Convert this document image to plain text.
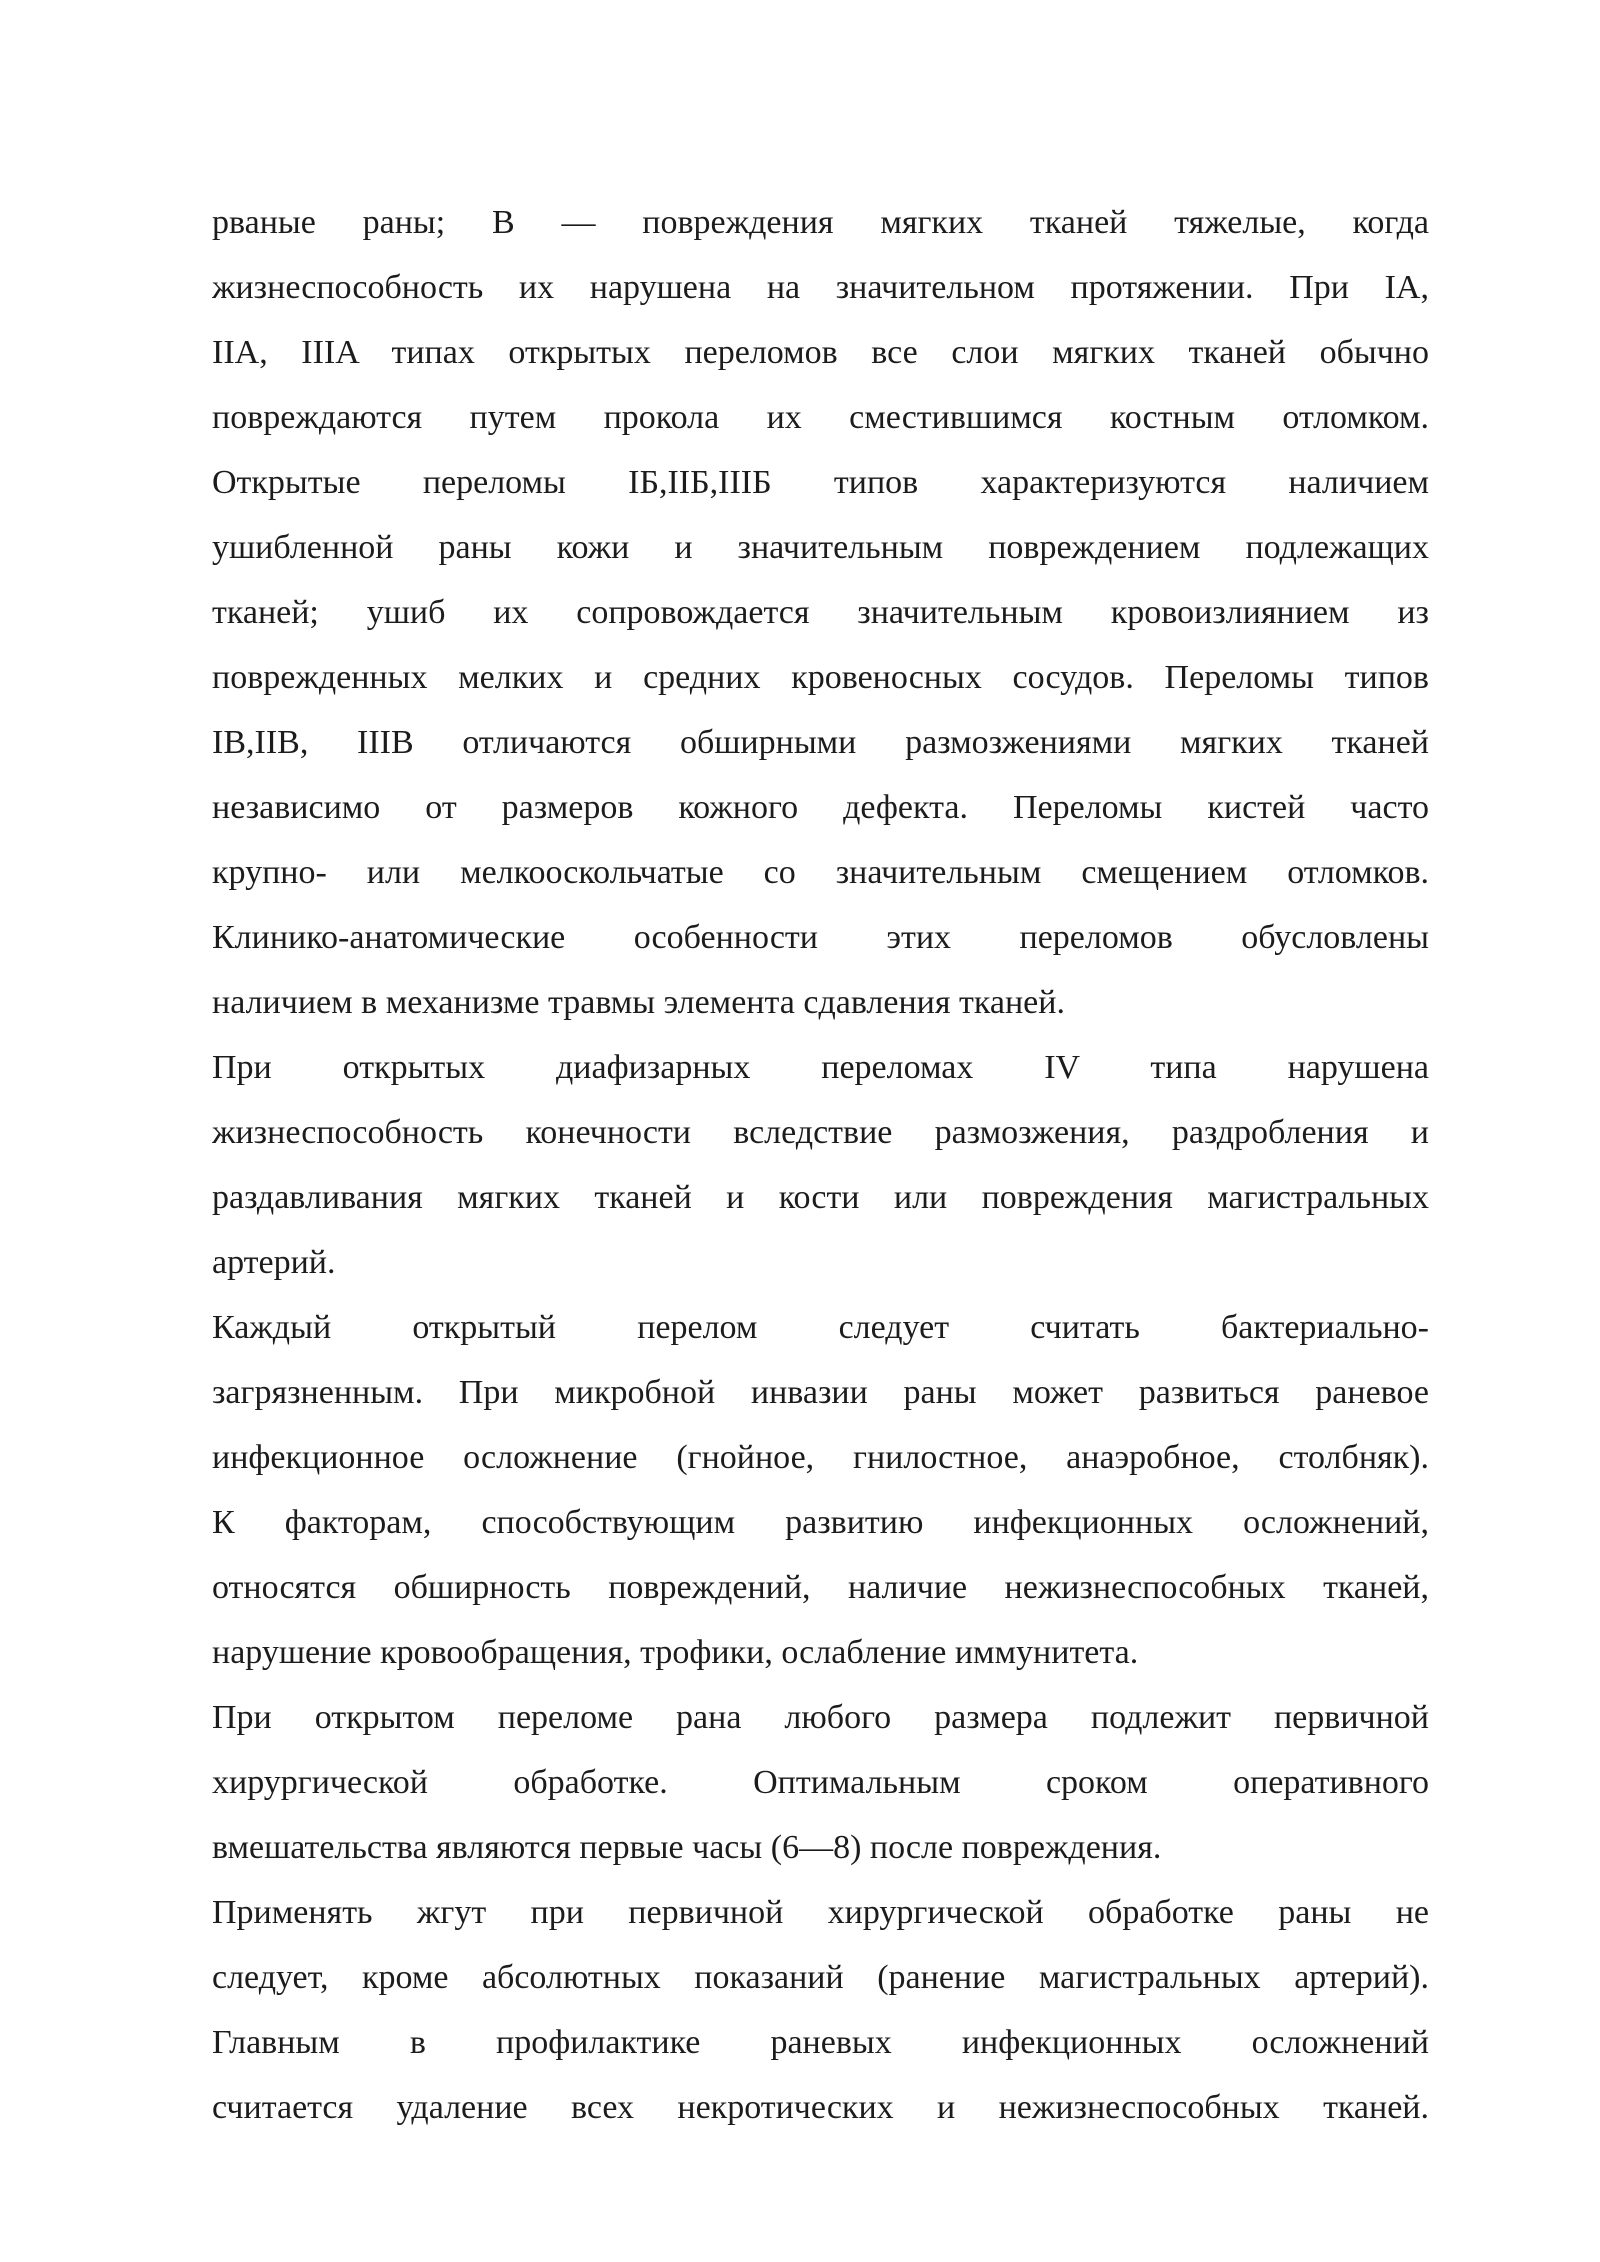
рваные раны; В — повреждения мягких тканей тяжелые, когда
жизнеспособность их нарушена на значительном протяжении. При IA,
IIA, IIIA типах открытых переломов все слои мягких тканей обычно
повреждаются путем прокола их сместившимся костным отломком.
Открытые переломы IБ,IIБ,IIIБ типов характеризуются наличием
ушибленной раны кожи и значительным повреждением подлежащих
тканей; ушиб их сопровождается значительным кровоизлиянием из
поврежденных мелких и средних кровеносных сосудов. Переломы типов
IB,IIB, IIIB отличаются обширными размозжениями мягких тканей
независимо от размеров кожного дефекта. Переломы кистей часто
крупно- или мелкооскольчатые со значительным смещением отломков.
Клинико-анатомические особенности этих переломов обусловлены
наличием в механизме травмы элемента сдавления тканей.
При открытых диафизарных переломах IV типа нарушена
жизнеспособность конечности вследствие размозжения, раздробления и
раздавливания мягких тканей и кости или повреждения магистральных
артерий.
Каждый открытый перелом следует считать бактериально-
загрязненным. При микробной инвазии раны может развиться раневое
инфекционное осложнение (гнойное, гнилостное, анаэробное, столбняк).
К факторам, способствующим развитию инфекционных осложнений,
относятся обширность повреждений, наличие нежизнеспособных тканей,
нарушение кровообращения, трофики, ослабление иммунитета.
При открытом переломе рана любого размера подлежит первичной
хирургической обработке. Оптимальным сроком оперативного
вмешательства являются первые часы (6—8) после повреждения.
Применять жгут при первичной хирургической обработке раны не
следует, кроме абсолютных показаний (ранение магистральных артерий).
Главным в профилактике раневых инфекционных осложнений
считается удаление всех некротических и нежизнеспособных тканей.
